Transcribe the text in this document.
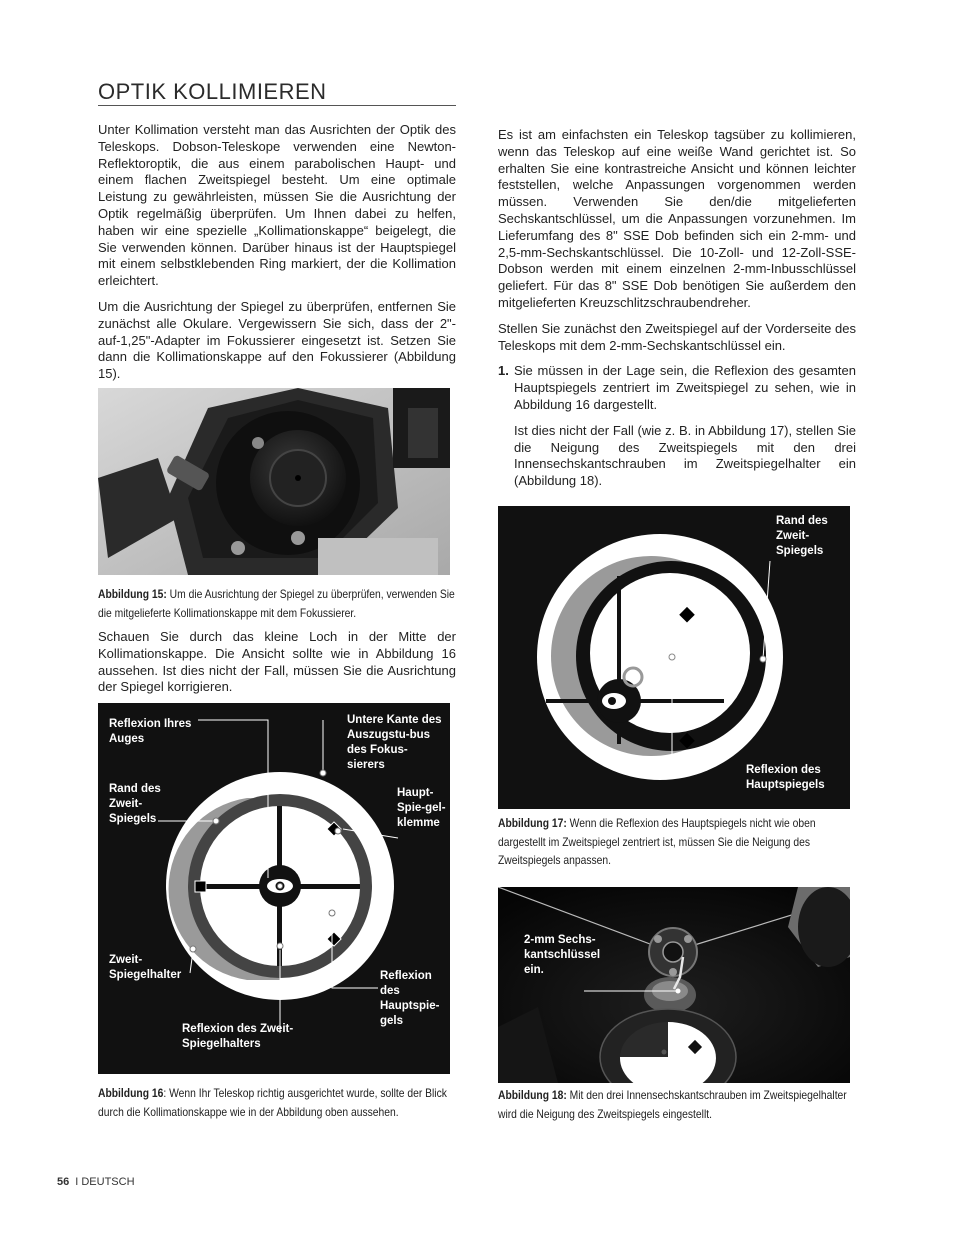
OPTIK KOLLIMIEREN

Unter Kollimation versteht man das Ausrichten der Optik des Teleskops. Dobson-Teleskope verwenden eine Newton-Reflektoroptik, die aus einem parabolischen Haupt- und einem flachen Zweitspiegel besteht. Um eine optimale Leistung zu gewährleisten, müssen Sie die Ausrichtung der Optik regelmäßig überprüfen. Um Ihnen dabei zu helfen, haben wir eine spezielle „Kollimationskappe“ beigelegt, die Sie verwenden können. Darüber hinaus ist der Hauptspiegel mit einem selbstklebenden Ring markiert, der die Kollimation erleichtert.

Um die Ausrichtung der Spiegel zu überprüfen, entfernen Sie zunächst alle Okulare. Vergewissern Sie sich, dass der 2"-auf-1,25"-Adapter im Fokussierer eingesetzt ist. Setzen Sie dann die Kollimationskappe auf den Fokussierer (Abbildung 15).

Abbildung 15: Um die Ausrichtung der Spiegel zu überprüfen, verwenden Sie die mitgelieferte Kollimationskappe mit dem Fokussierer.

Schauen Sie durch das kleine Loch in der Mitte der Kollimationskappe. Die Ansicht sollte wie in Abbildung 16 aussehen. Ist dies nicht der Fall, müssen Sie die Ausrichtung der Spiegel korrigieren.

Reflexion Ihres Auges
Untere Kante des Auszugstu-bus des Fokus-sierers
Rand des Zweit-Spiegels
Haupt-Spie-gel-klemme
Zweit-Spiegelhalter	Reflexion des Hauptspie-gels
Reflexion des Zweit-Spiegelhalters
Abbildung 16: Wenn Ihr Teleskop richtig ausgerichtet wurde, sollte der Blick durch die Kollimationskappe wie in der Abbildung oben aussehen.

Es ist am einfachsten ein Teleskop tagsüber zu kollimieren, wenn das Teleskop auf eine weiße Wand gerichtet ist. So erhalten Sie eine kontrastreiche Ansicht und können leichter feststellen, welche Anpassungen vorgenommen werden müssen. Verwenden Sie den/die mitgelieferten Sechskantschlüssel, um die Anpassungen vorzunehmen. Im Lieferumfang des 8" SSE Dob befinden sich ein 2-mm- und 2,5-mm-Sechskantschlüssel. Die 10-Zoll- und 12-Zoll-SSE-Dobson werden mit einem einzelnen 2-mm-Inbusschlüssel geliefert. Für das 8" SSE Dob benötigen Sie außerdem den mitgelieferten Kreuzschlitzschraubendreher.

Stellen Sie zunächst den Zweitspiegel auf der Vorderseite des Teleskops mit dem 2-mm-Sechskantschlüssel ein.

1. Sie müssen in der Lage sein, die Reflexion des gesamten Hauptspiegels zentriert im Zweitspiegel zu sehen, wie in Abbildung 16 dargestellt.

Ist dies nicht der Fall (wie z. B. in Abbildung 17), stellen Sie die Neigung des Zweitspiegels mit den drei Innensechskantschrauben im Zweitspiegelhalter ein (Abbildung 18).

Rand des Zweit-Spiegels
Reflexion des Hauptspiegels
Abbildung 17: Wenn die Reflexion des Hauptspiegels nicht wie oben dargestellt im Zweitspiegel zentriert ist, müssen Sie die Neigung des Zweitspiegels anpassen.
2-mm Sechs-kantschlüssel ein.
Abbildung 18: Mit den drei Innensechskantschrauben im Zweitspiegelhalter wird die Neigung des Zweitspiegels eingestellt.
56 I DEUTSCH
